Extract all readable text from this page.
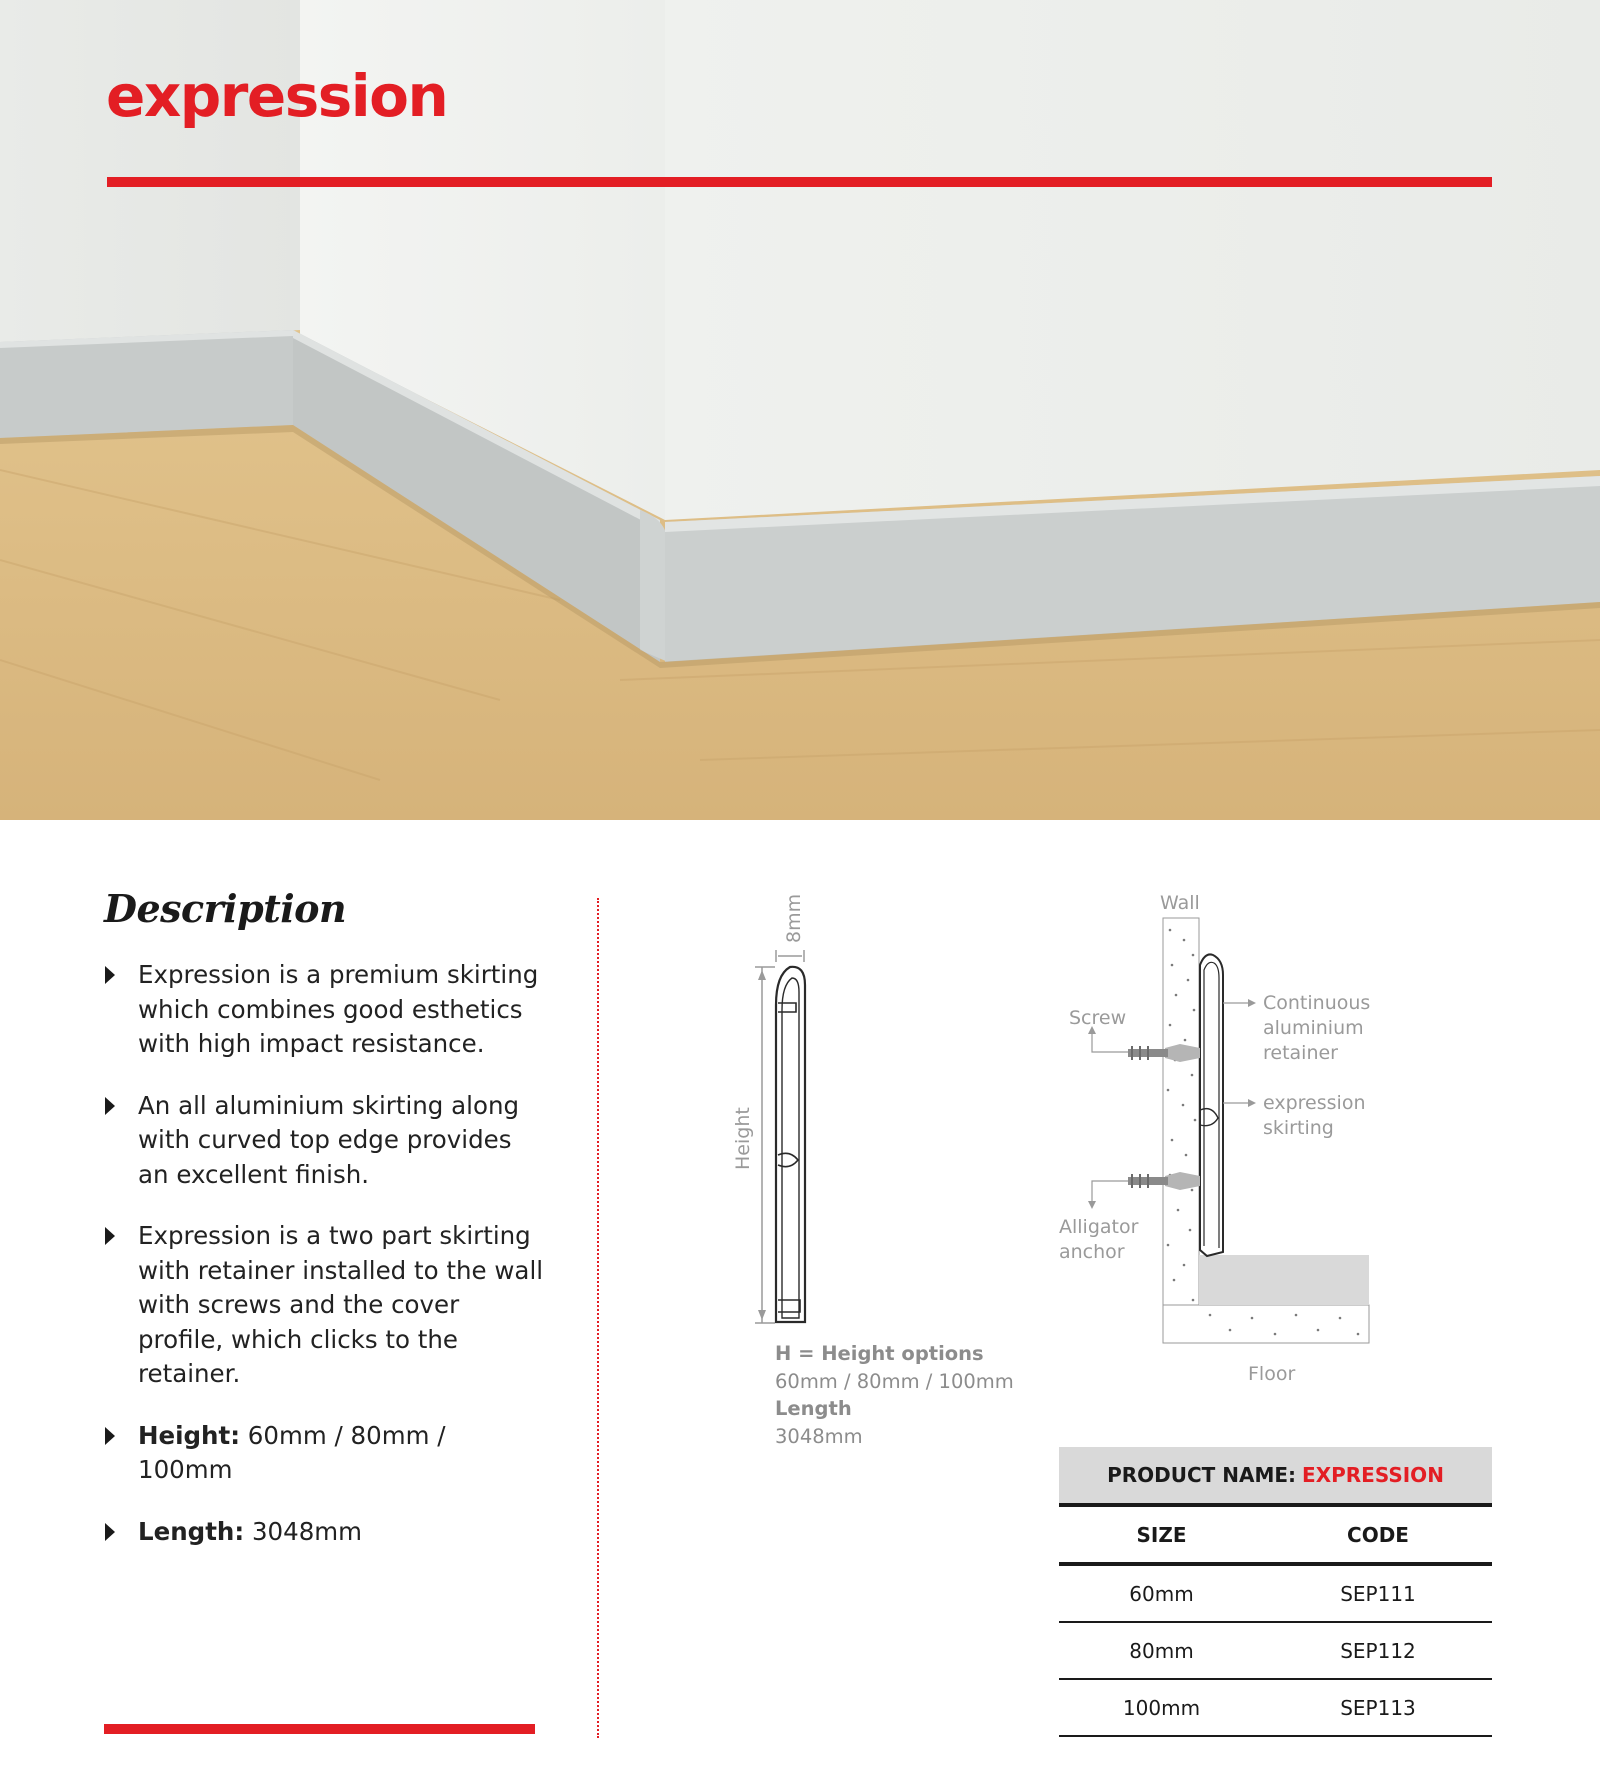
expression
Description
Expression is a premium skirting which combines good esthetics with high impact resistance.
An all aluminium skirting along with curved top edge provides an excellent finish.
Expression is a two part skirting with retainer installed to the wall with screws and the cover profile, which clicks to the retainer.
Height: 60mm / 80mm / 100mm
Length: 3048mm
8mm
Height
Wall
Screw
Alligator
anchor
Continuous
aluminium
retainer
expression
skirting
Floor
H = Height options
60mm / 80mm / 100mm
Length
3048mm
PRODUCT NAME: EXPRESSION
SIZE	CODE
60mm	SEP111
80mm	SEP112
100mm	SEP113
